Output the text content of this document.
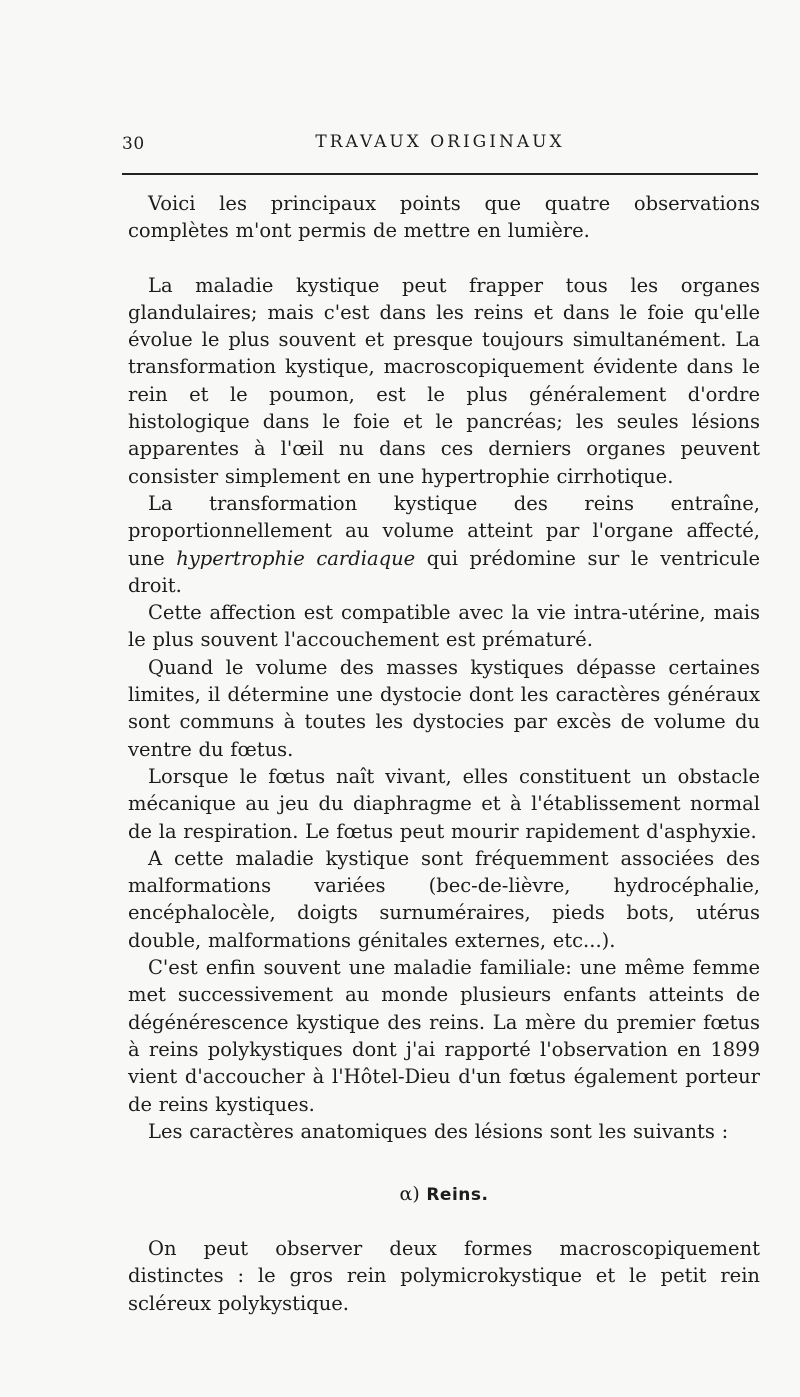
30	TRAVAUX ORIGINAUX

Voici les principaux points que quatre observations complètes m'ont permis de mettre en lumière.

La maladie kystique peut frapper tous les organes glandulaires; mais c'est dans les reins et dans le foie qu'elle évolue le plus souvent et presque toujours simultanément. La transformation kystique, macroscopiquement évidente dans le rein et le poumon, est le plus généralement d'ordre histologique dans le foie et le pancréas; les seules lésions apparentes à l'œil nu dans ces derniers organes peuvent consister simplement en une hypertrophie cirrhotique.

La transformation kystique des reins entraîne, proportionnellement au volume atteint par l'organe affecté, une hypertrophie cardiaque qui prédomine sur le ventricule droit.

Cette affection est compatible avec la vie intra-utérine, mais le plus souvent l'accouchement est prématuré.

Quand le volume des masses kystiques dépasse certaines limites, il détermine une dystocie dont les caractères généraux sont communs à toutes les dystocies par excès de volume du ventre du fœtus.

Lorsque le fœtus naît vivant, elles constituent un obstacle mécanique au jeu du diaphragme et à l'établissement normal de la respiration. Le fœtus peut mourir rapidement d'asphyxie.

A cette maladie kystique sont fréquemment associées des malformations variées (bec-de-lièvre, hydrocéphalie, encéphalocèle, doigts surnuméraires, pieds bots, utérus double, malformations génitales externes, etc...).

C'est enfin souvent une maladie familiale: une même femme met successivement au monde plusieurs enfants atteints de dégénérescence kystique des reins. La mère du premier fœtus à reins polykystiques dont j'ai rapporté l'observation en 1899 vient d'accoucher à l'Hôtel-Dieu d'un fœtus également porteur de reins kystiques.

Les caractères anatomiques des lésions sont les suivants :

α) Reins.

On peut observer deux formes macroscopiquement distinctes : le gros rein polymicrokystique et le petit rein scléreux polykystique.
